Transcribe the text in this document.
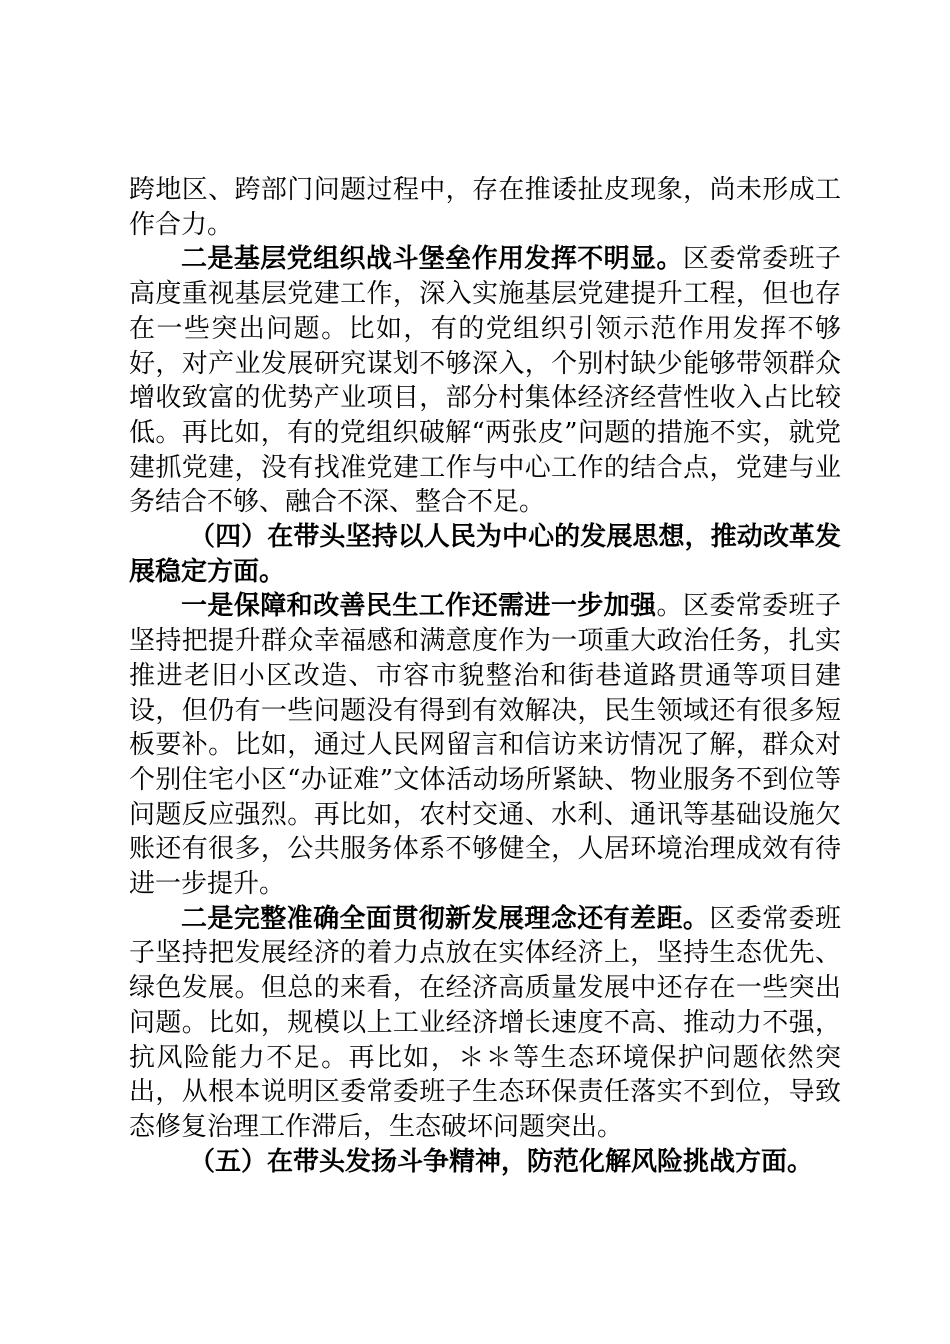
跨地区、跨部门问题过程中，存在推诿扯皮现象，尚未形成工作合力。

二是基层党组织战斗堡垒作用发挥不明显。区委常委班子高度重视基层党建工作，深入实施基层党建提升工程，但也存在一些突出问题。比如，有的党组织引领示范作用发挥不够好，对产业发展研究谋划不够深入，个别村缺少能够带领群众增收致富的优势产业项目，部分村集体经济经营性收入占比较低。再比如，有的党组织破解“两张皮”问题的措施不实，就党建抓党建，没有找准党建工作与中心工作的结合点，党建与业务结合不够、融合不深、整合不足。

（四）在带头坚持以人民为中心的发展思想，推动改革发展稳定方面。

一是保障和改善民生工作还需进一步加强。区委常委班子坚持把提升群众幸福感和满意度作为一项重大政治任务，扎实推进老旧小区改造、市容市貌整治和街巷道路贯通等项目建设，但仍有一些问题没有得到有效解决，民生领域还有很多短板要补。比如，通过人民网留言和信访来访情况了解，群众对个别住宅小区“办证难”文体活动场所紧缺、物业服务不到位等问题反应强烈。再比如，农村交通、水利、通讯等基础设施欠账还有很多，公共服务体系不够健全，人居环境治理成效有待进一步提升。

二是完整准确全面贯彻新发展理念还有差距。区委常委班子坚持把发展经济的着力点放在实体经济上，坚持生态优先、绿色发展。但总的来看，在经济高质量发展中还存在一些突出问题。比如，规模以上工业经济增长速度不高、推动力不强，抗风险能力不足。再比如，＊＊等生态环境保护问题依然突出，从根本说明区委常委班子生态环保责任落实不到位，导致态修复治理工作滞后，生态破坏问题突出。

（五）在带头发扬斗争精神，防范化解风险挑战方面。
